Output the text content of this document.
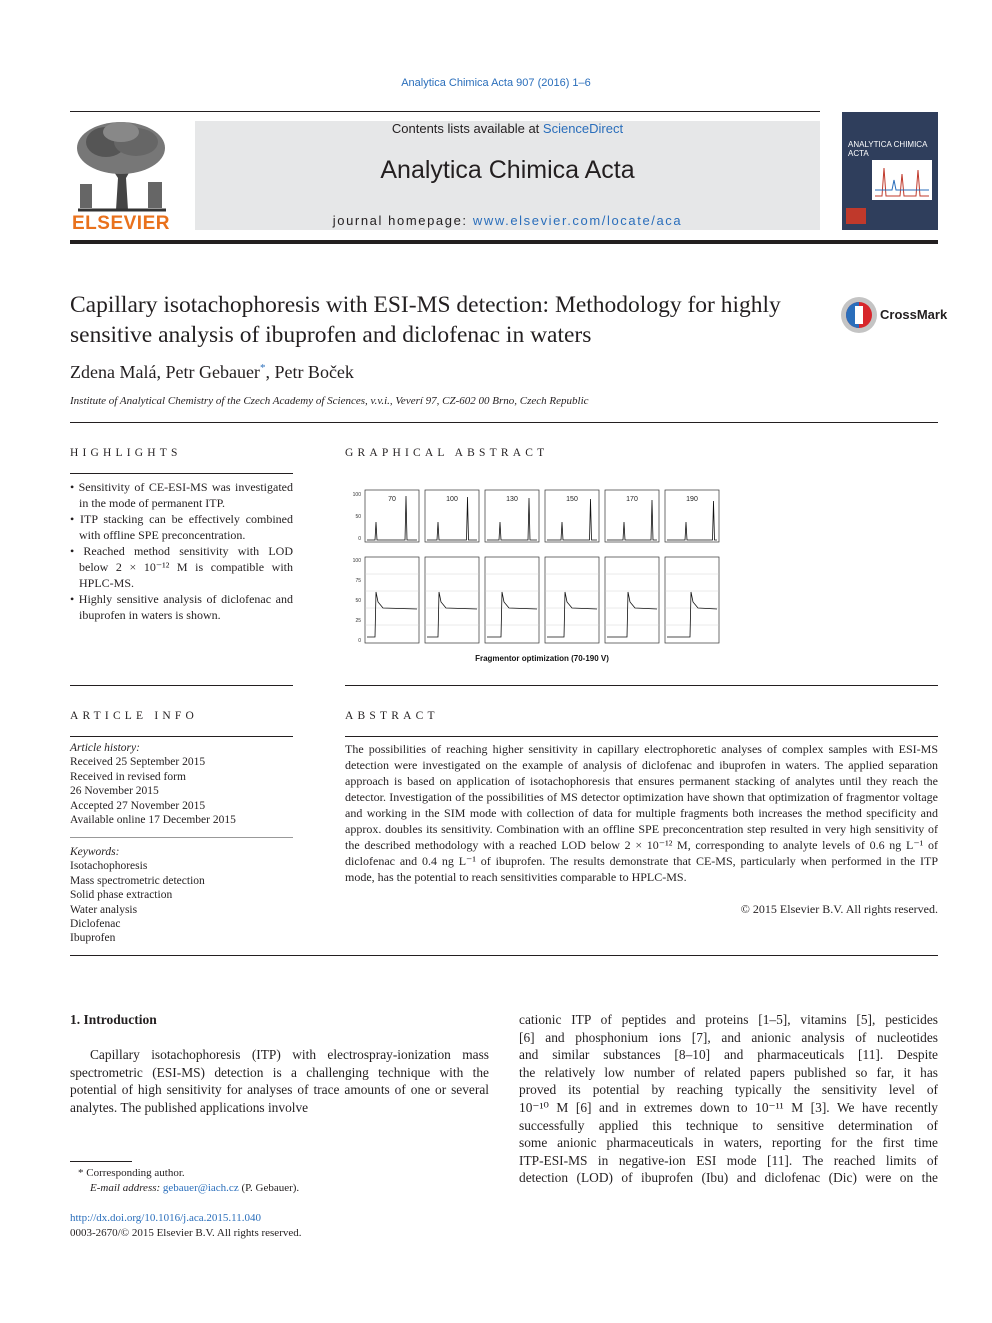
Analytica Chimica Acta 907 (2016) 1–6
ELSEVIER
Contents lists available at ScienceDirect
Analytica Chimica Acta
journal homepage: www.elsevier.com/locate/aca
ANALYTICA CHIMICA ACTA
Capillary isotachophoresis with ESI-MS detection: Methodology for highly sensitive analysis of ibuprofen and diclofenac in waters
CrossMark
Zdena Malá, Petr Gebauer*, Petr Boček
Institute of Analytical Chemistry of the Czech Academy of Sciences, v.v.i., Veverí 97, CZ-602 00 Brno, Czech Republic
HIGHLIGHTS
• Sensitivity of CE-ESI-MS was investigated in the mode of permanent ITP.
• ITP stacking can be effectively combined with offline SPE preconcentration.
• Reached method sensitivity with LOD below 2 × 10⁻¹² M is compatible with HPLC-MS.
• Highly sensitive analysis of diclofenac and ibuprofen in waters is shown.
GRAPHICAL ABSTRACT
70	100	130	150	170	190
100
50
0
100
75
50
25
0
Fragmentor optimization (70-190 V)
ARTICLE INFO
Article history:
Received 25 September 2015
Received in revised form
26 November 2015
Accepted 27 November 2015
Available online 17 December 2015
Keywords:
Isotachophoresis
Mass spectrometric detection
Solid phase extraction
Water analysis
Diclofenac
Ibuprofen
ABSTRACT
The possibilities of reaching higher sensitivity in capillary electrophoretic analyses of complex samples with ESI-MS detection were investigated on the example of analysis of diclofenac and ibuprofen in waters. The applied separation approach is based on application of isotachophoresis that ensures permanent stacking of analytes until they reach the detector. Investigation of the possibilities of MS detector optimization have shown that optimization of fragmentor voltage and working in the SIM mode with collection of data for multiple fragments both increases the method specificity and approx. doubles its sensitivity. Combination with an offline SPE preconcentration step resulted in very high sensitivity of the described methodology with a reached LOD below 2 × 10⁻¹² M, corresponding to analyte levels of 0.6 ng L⁻¹ of diclofenac and 0.4 ng L⁻¹ of ibuprofen. The results demonstrate that CE-MS, particularly when performed in the ITP mode, has the potential to reach sensitivities comparable to HPLC-MS.
© 2015 Elsevier B.V. All rights reserved.
1. Introduction
Capillary isotachophoresis (ITP) with electrospray-ionization mass spectrometric (ESI-MS) detection is a challenging technique with the potential of high sensitivity for analyses of trace amounts of one or several analytes. The published applications involve
cationic ITP of peptides and proteins [1–5], vitamins [5], pesticides
[6] and phosphonium ions [7], and anionic analysis of nucleotides
and similar substances [8–10] and pharmaceuticals [11]. Despite
the relatively low number of related papers published so far, it has
proved its potential by reaching typically the sensitivity level of
10⁻¹⁰ M [6] and in extremes down to 10⁻¹¹ M [3]. We have recently
successfully applied this technique to sensitive determination of
some anionic pharmaceuticals in waters, reporting for the first time
ITP-ESI-MS in negative-ion ESI mode [11]. The reached limits of
detection (LOD) of ibuprofen (Ibu) and diclofenac (Dic) were on the
* Corresponding author.
E-mail address: gebauer@iach.cz (P. Gebauer).
http://dx.doi.org/10.1016/j.aca.2015.11.040
0003-2670/© 2015 Elsevier B.V. All rights reserved.
